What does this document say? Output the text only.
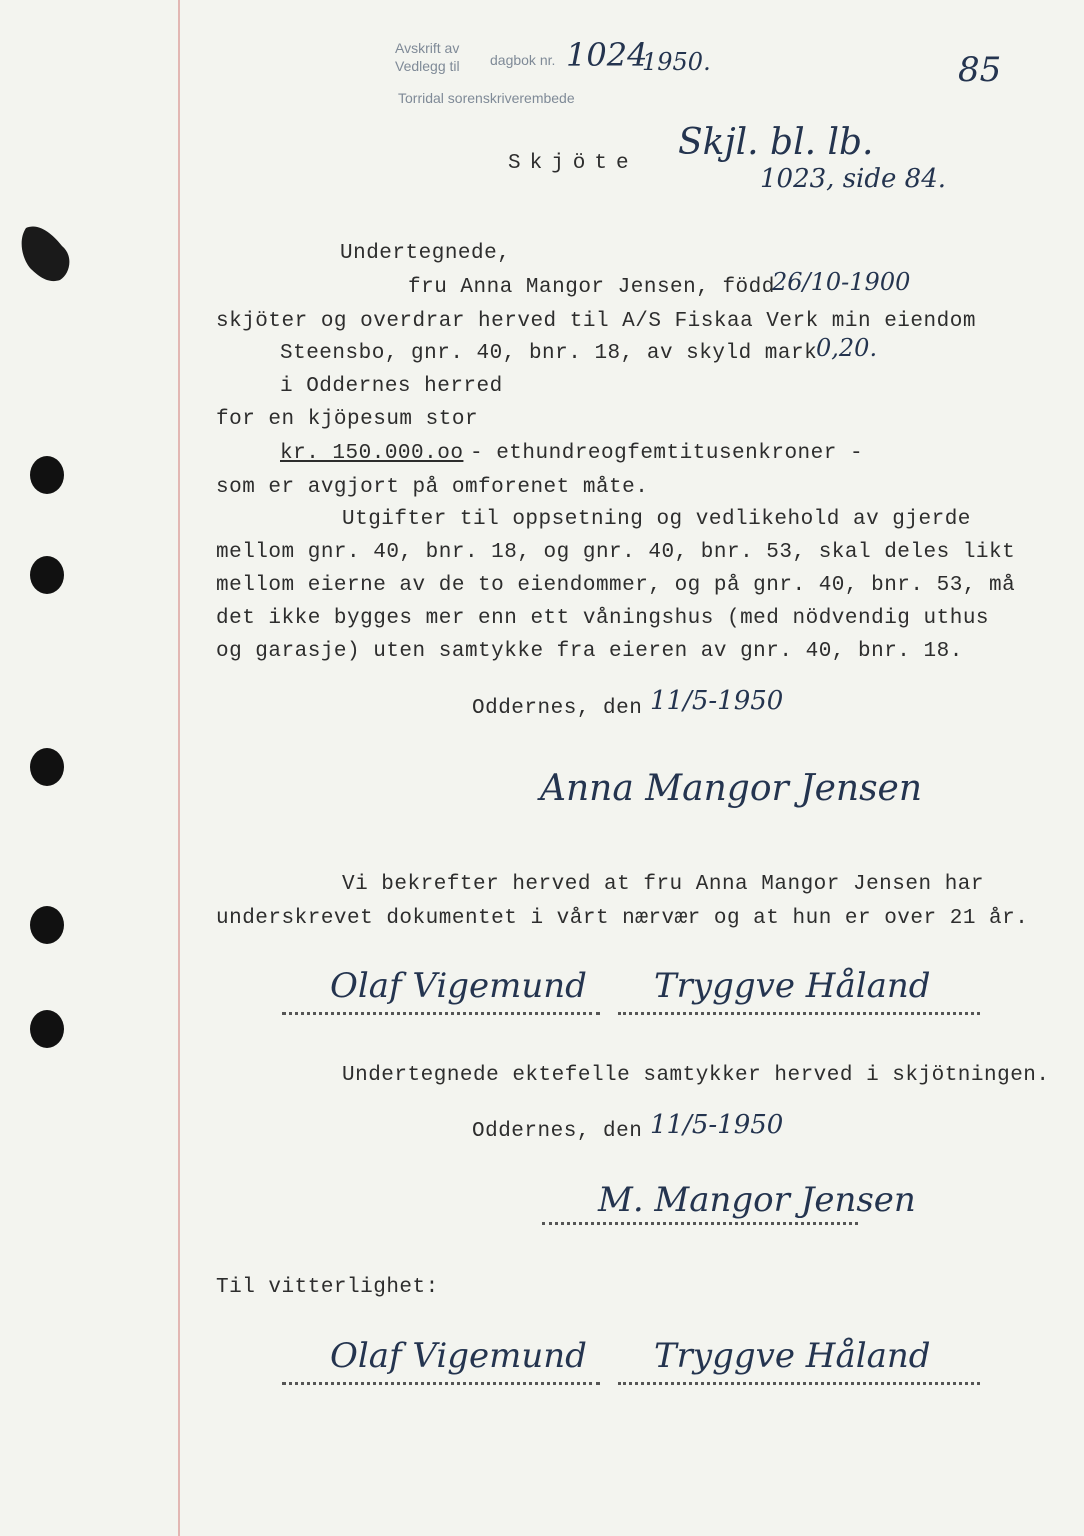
Avskrift av
Vedlegg til
Torridal sorenskriverembede
dagbok nr. 1024
1950.	85
Skjöte
Skjl. bl. lb.
1023, side 84.
Undertegnede,
fru Anna Mangor Jensen, född
26/10-1900
skjöter og overdrar herved til A/S Fiskaa Verk min eiendom
Steensbo, gnr. 40, bnr. 18, av skyld mark
0,20.
i Oddernes herred
for en kjöpesum stor
kr. 150.000.oo - ethundreogfemtitusenkroner -
som er avgjort på omforenet måte.
Utgifter til oppsetning og vedlikehold av gjerde
mellom gnr. 40, bnr. 18, og gnr. 40, bnr. 53, skal deles likt
mellom eierne av de to eiendommer, og på gnr. 40, bnr. 53, må
det ikke bygges mer enn ett våningshus (med nödvendig uthus
og garasje) uten samtykke fra eieren av gnr. 40, bnr. 18.
Oddernes, den 11/5-1950
Anna Mangor Jensen
Vi bekrefter herved at fru Anna Mangor Jensen har
underskrevet dokumentet i vårt nærvær og at hun er over 21 år.
Olaf Vigemund Tryggve Håland
Undertegnede ektefelle samtykker herved i skjötningen.
Oddernes, den 11/5-1950
M. Mangor Jensen
Til vitterlighet:
Olaf Vigemund Tryggve Håland
